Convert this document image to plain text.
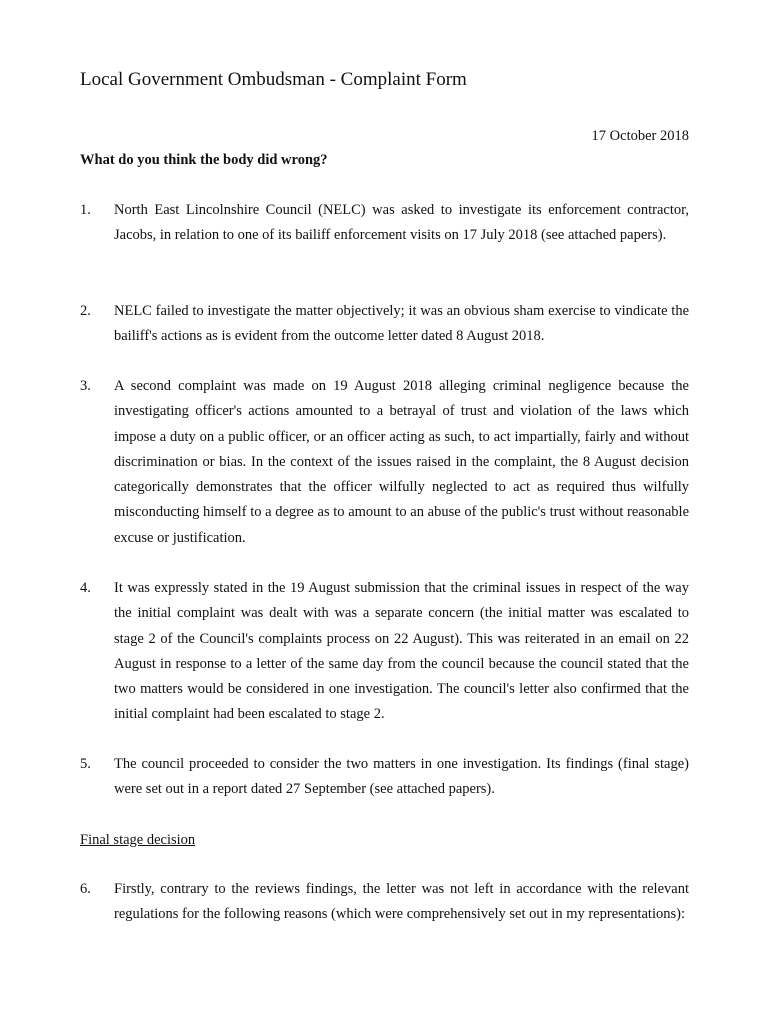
Local Government Ombudsman - Complaint Form
17 October 2018
What do you think the body did wrong?
1. North East Lincolnshire Council (NELC) was asked to investigate its enforcement contractor, Jacobs, in relation to one of its bailiff enforcement visits on 17 July 2018 (see attached papers).
2. NELC failed to investigate the matter objectively; it was an obvious sham exercise to vindicate the bailiff's actions as is evident from the outcome letter dated 8 August 2018.
3. A second complaint was made on 19 August 2018 alleging criminal negligence because the investigating officer's actions amounted to a betrayal of trust and violation of the laws which impose a duty on a public officer, or an officer acting as such, to act impartially, fairly and without discrimination or bias. In the context of the issues raised in the complaint, the 8 August decision categorically demonstrates that the officer wilfully neglected to act as required thus wilfully misconducting himself to a degree as to amount to an abuse of the public's trust without reasonable excuse or justification.
4. It was expressly stated in the 19 August submission that the criminal issues in respect of the way the initial complaint was dealt with was a separate concern (the initial matter was escalated to stage 2 of the Council's complaints process on 22 August). This was reiterated in an email on 22 August in response to a letter of the same day from the council because the council stated that the two matters would be considered in one investigation. The council's letter also confirmed that the initial complaint had been escalated to stage 2.
5. The council proceeded to consider the two matters in one investigation. Its findings (final stage) were set out in a report dated 27 September (see attached papers).
Final stage decision
6. Firstly, contrary to the reviews findings, the letter was not left in accordance with the relevant regulations for the following reasons (which were comprehensively set out in my representations):
